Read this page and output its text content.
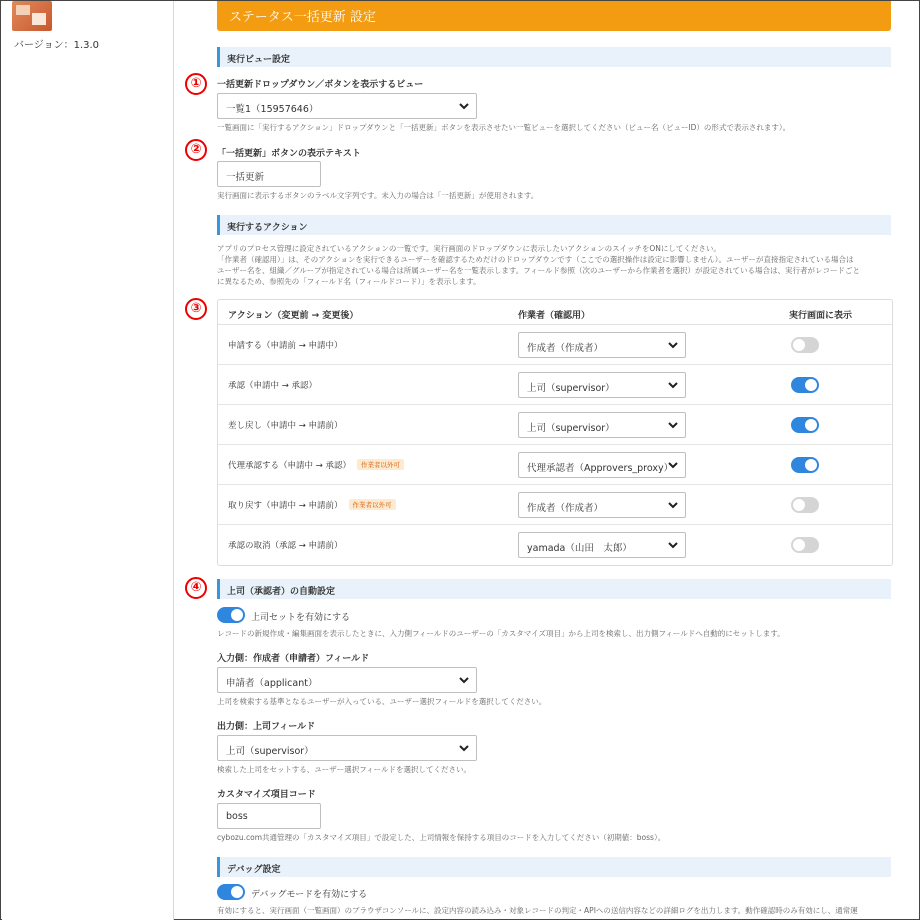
バージョン：1.3.0
①
②
③
④
ステータス一括更新 設定
実行ビュー設定
一括更新ドロップダウン／ボタンを表示するビュー
一覧1（15957646）
一覧画面に「実行するアクション」ドロップダウンと「一括更新」ボタンを表示させたい一覧ビューを選択してください（ビュー名（ビューID）の形式で表示されます）。
「一括更新」ボタンの表示テキスト
一括更新
実行画面に表示するボタンのラベル文字列です。未入力の場合は「一括更新」が使用されます。
実行するアクション
アプリのプロセス管理に設定されているアクションの一覧です。実行画面のドロップダウンに表示したいアクションのスイッチをONにしてください。
「作業者（確認用）」は、そのアクションを実行できるユーザーを確認するためだけのドロップダウンです（ここでの選択操作は設定に影響しません）。ユーザーが直接指定されている場合は
ユーザー名を、組織／グループが指定されている場合は所属ユーザー名を一覧表示します。フィールド参照（次のユーザーから作業者を選択）が設定されている場合は、実行者がレコードごと
に異なるため、参照先の「フィールド名（フィールドコード）」を表示します。
アクション（変更前 → 変更後）	作業者（確認用）	実行画面に表示
申請する（申請前 → 申請中）	作成者（作成者）
承認（申請中 → 承認）	上司（supervisor）
差し戻し（申請中 → 申請前）	上司（supervisor）
代理承認する（申請中 → 承認） 作業者以外可	代理承認者（Approvers_proxy）
取り戻す（申請中 → 申請前） 作業者以外可	作成者（作成者）
承認の取消（承認 → 申請前）	yamada（山田　太郎）
上司（承認者）の自動設定
上司セットを有効にする
レコードの新規作成・編集画面を表示したときに、入力側フィールドのユーザーの「カスタマイズ項目」から上司を検索し、出力側フィールドへ自動的にセットします。
入力側：作成者（申請者）フィールド
申請者（applicant）
上司を検索する基準となるユーザーが入っている、ユーザー選択フィールドを選択してください。
出力側：上司フィールド
上司（supervisor）
検索した上司をセットする、ユーザー選択フィールドを選択してください。
カスタマイズ項目コード
boss
cybozu.com共通管理の「カスタマイズ項目」で設定した、上司情報を保持する項目のコードを入力してください（初期値：boss）。
デバッグ設定
デバッグモードを有効にする
有効にすると、実行画面（一覧画面）のブラウザコンソールに、設定内容の読み込み・対象レコードの判定・APIへの送信内容などの詳細ログを出力します。動作確認時のみ有効にし、通常運
